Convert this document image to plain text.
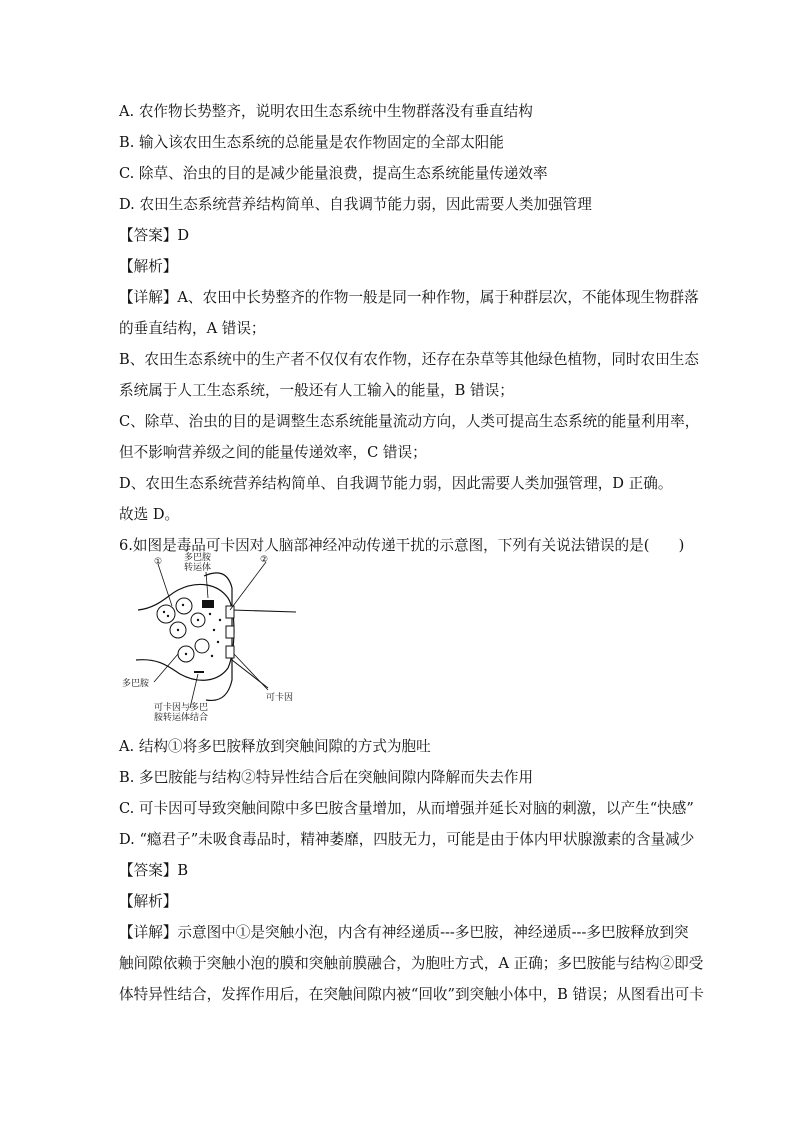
A. 农作物长势整齐，说明农田生态系统中生物群落没有垂直结构
B. 输入该农田生态系统的总能量是农作物固定的全部太阳能
C. 除草、治虫的目的是减少能量浪费，提高生态系统能量传递效率
D. 农田生态系统营养结构简单、自我调节能力弱，因此需要人类加强管理
【答案】D
【解析】
【详解】A、农田中长势整齐的作物一般是同一种作物，属于种群层次，不能体现生物群落
的垂直结构，A 错误；
B、农田生态系统中的生产者不仅仅有农作物，还存在杂草等其他绿色植物，同时农田生态
系统属于人工生态系统，一般还有人工输入的能量，B 错误；
C、除草、治虫的目的是调整生态系统能量流动方向，人类可提高生态系统的能量利用率，
但不影响营养级之间的能量传递效率，C 错误；
D、农田生态系统营养结构简单、自我调节能力弱，因此需要人类加强管理，D 正确。
故选 D。
6.如图是毒品可卡因对人脑部神经冲动传递干扰的示意图，下列有关说法错误的是(　　)
多巴胺
转运体
①	②
多巴胺
可卡因
可卡因与多巴
胺转运体结合
A. 结构①将多巴胺释放到突触间隙的方式为胞吐
B. 多巴胺能与结构②特异性结合后在突触间隙内降解而失去作用
C. 可卡因可导致突触间隙中多巴胺含量增加，从而增强并延长对脑的刺激，以产生“快感”
D. “瘾君子”未吸食毒品时，精神萎靡，四肢无力，可能是由于体内甲状腺激素的含量减少
【答案】B
【解析】
【详解】示意图中①是突触小泡，内含有神经递质---多巴胺，神经递质---多巴胺释放到突
触间隙依赖于突触小泡的膜和突触前膜融合，为胞吐方式，A 正确；多巴胺能与结构②即受
体特异性结合，发挥作用后，在突触间隙内被“回收”到突触小体中，B 错误；从图看出可卡
